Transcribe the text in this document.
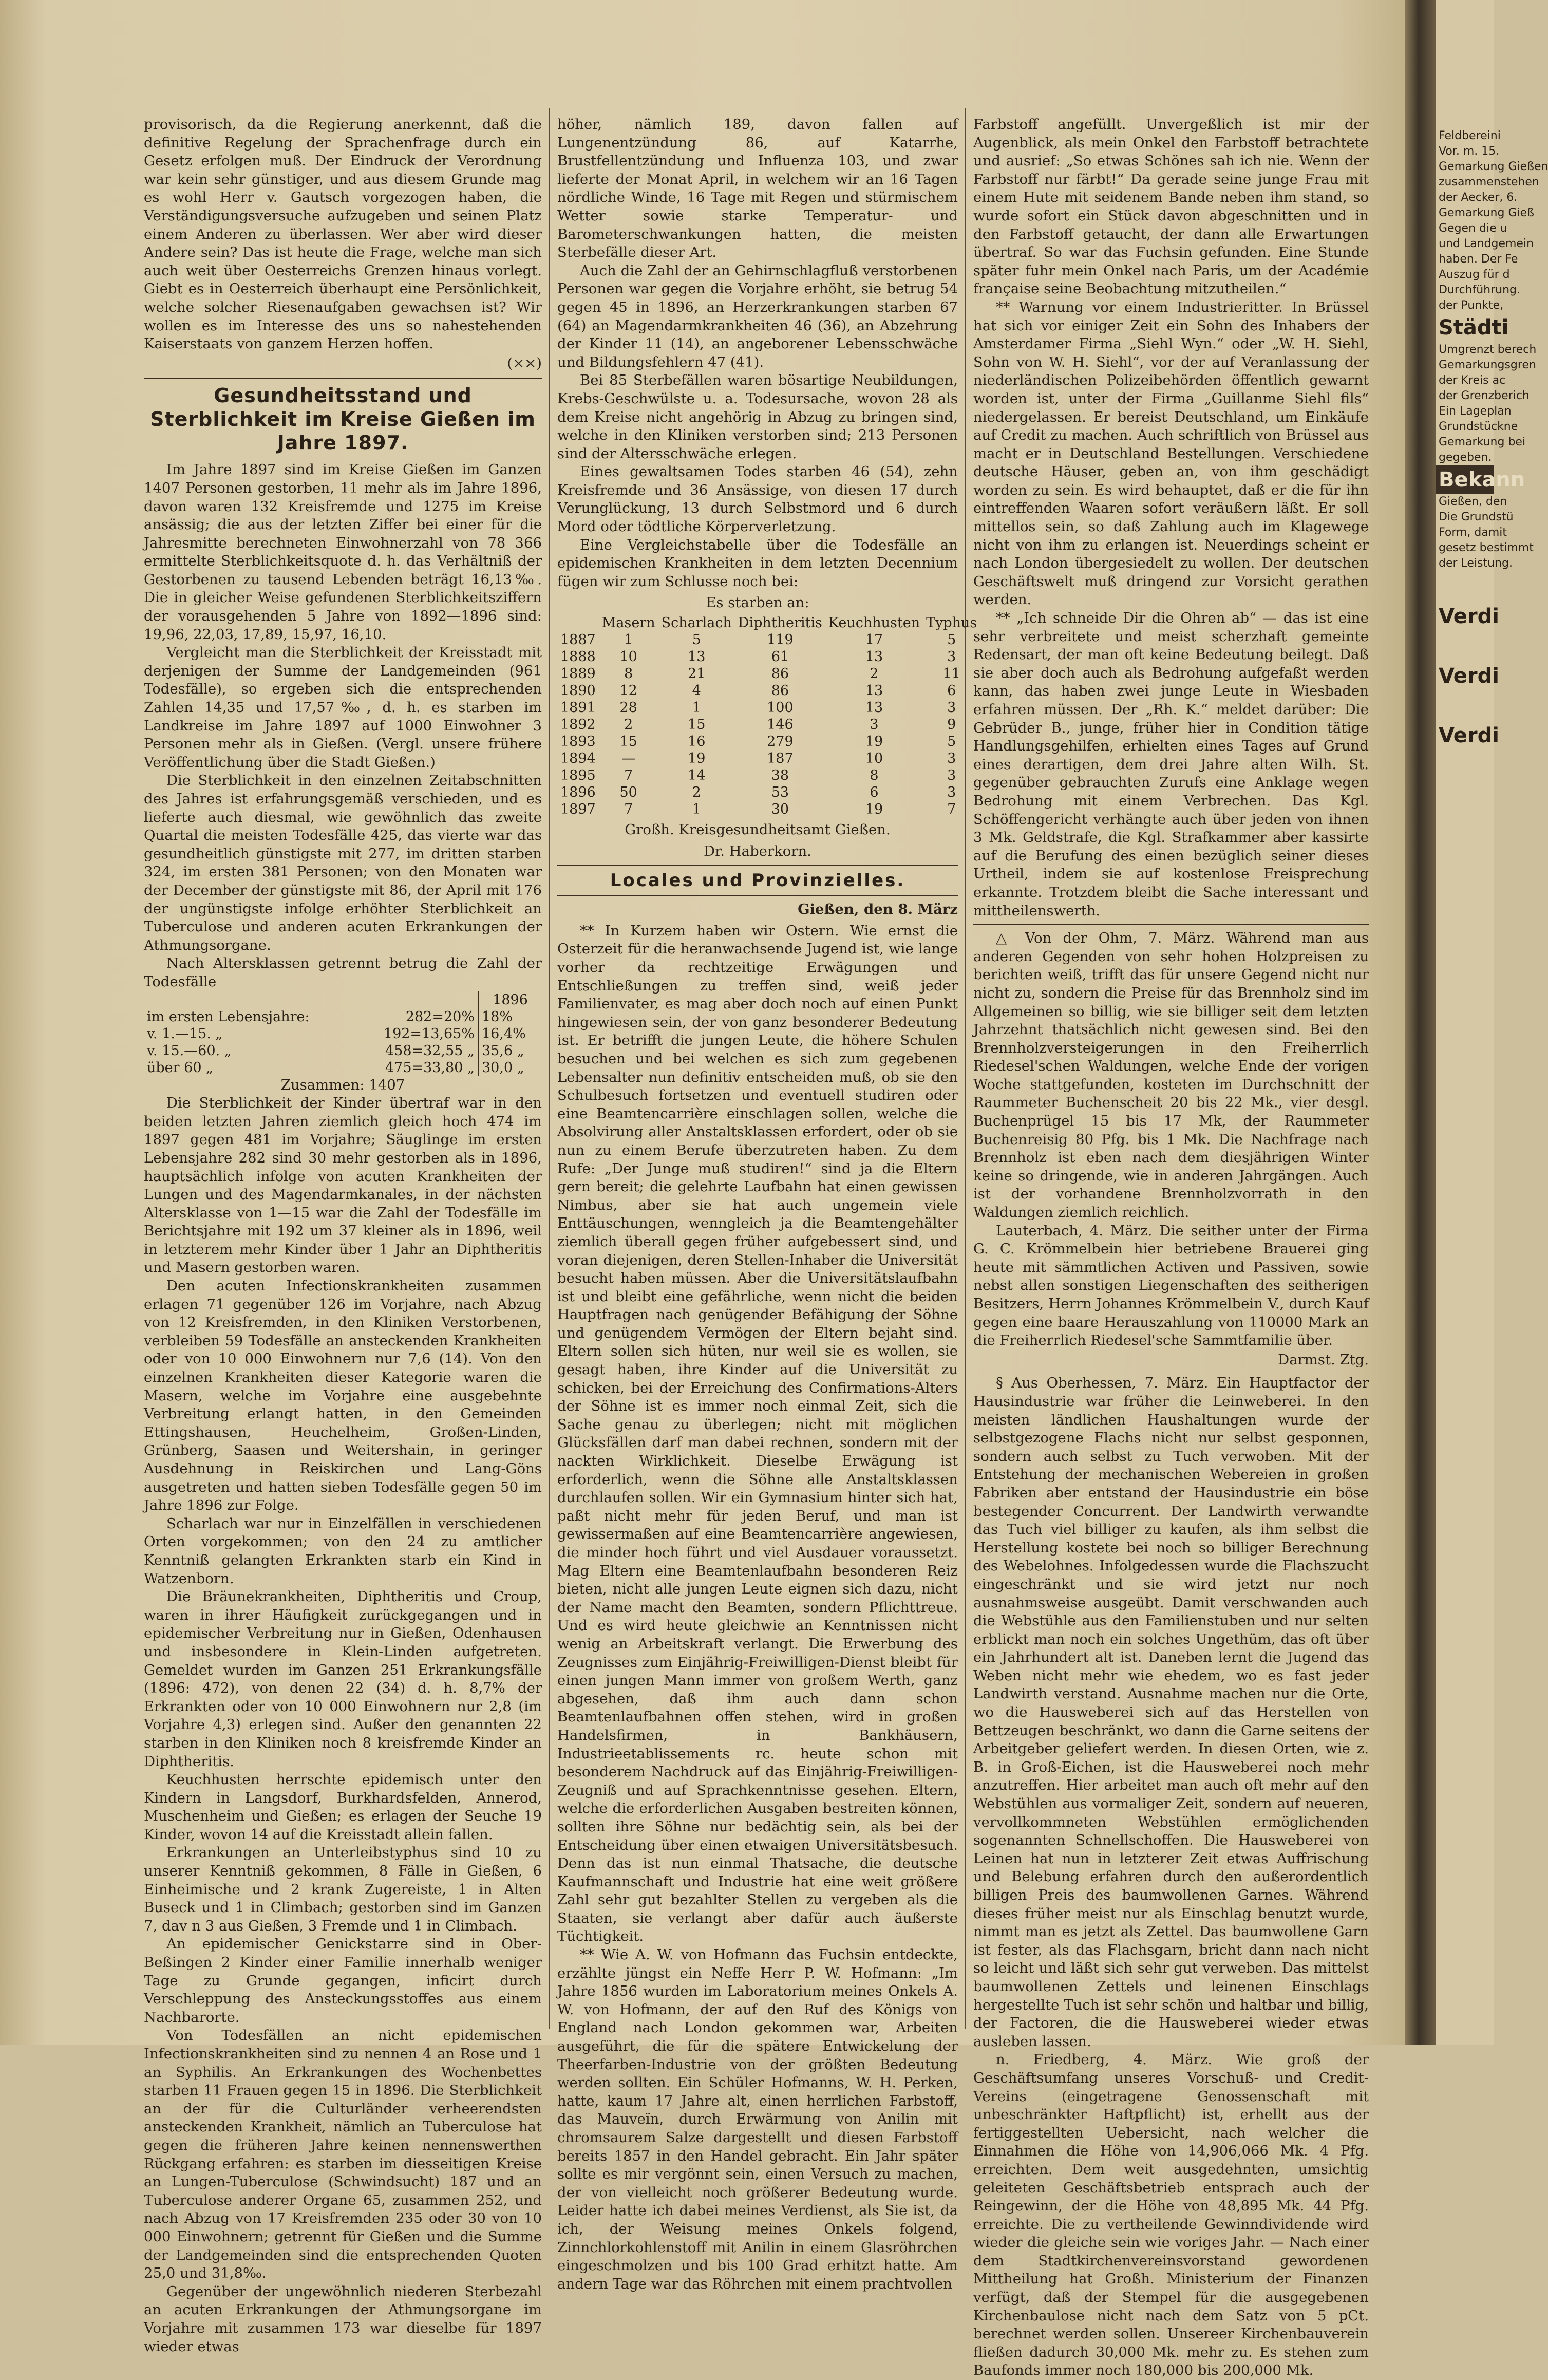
Feldbereini
Vor. m. 15.
Gemarkung Gießen
zusammenstehen
der Aecker, 6.
Gemarkung Gieß
Gegen die u
und Landgemein
haben. Der Fe
Auszug für d
Durchführung.
der Punkte,
Städti
Umgrenzt berech
Gemarkungsgren
der Kreis ac
der Grenzberich
Ein Lageplan
Grundstückne
Gemarkung bei
gegeben.
Bekann
Gießen, den
Die Grundstü
Form, damit
gesetz bestimmt
der Leistung.
Verdi
Verdi
Verdi

provisorisch, da die Regierung anerkennt, daß die definitive Regelung der Sprachenfrage durch ein Gesetz erfolgen muß. Der Eindruck der Verordnung war kein sehr günstiger, und aus diesem Grunde mag es wohl Herr v. Gautsch vorgezogen haben, die Verständigungsversuche aufzugeben und seinen Platz einem Anderen zu überlassen. Wer aber wird dieser Andere sein? Das ist heute die Frage, welche man sich auch weit über Oesterreichs Grenzen hinaus vorlegt. Giebt es in Oesterreich überhaupt eine Persönlichkeit, welche solcher Riesenaufgaben gewachsen ist? Wir wollen es im Interesse des uns so nahestehenden Kaiserstaats von ganzem Herzen hoffen.

(××)
Gesundheitsstand und Sterblichkeit im Kreise Gießen im Jahre 1897.

Im Jahre 1897 sind im Kreise Gießen im Ganzen 1407 Personen gestorben, 11 mehr als im Jahre 1896, davon waren 132 Kreisfremde und 1275 im Kreise ansässig; die aus der letzten Ziffer bei einer für die Jahresmitte berechneten Einwohnerzahl von 78 366 ermittelte Sterblichkeitsquote d. h. das Verhältniß der Gestorbenen zu tausend Lebenden beträgt 16,13‰. Die in gleicher Weise gefundenen Sterblichkeitsziffern der vorausgehenden 5 Jahre von 1892—1896 sind: 19,96, 22,03, 17,89, 15,97, 16,10.

Vergleicht man die Sterblichkeit der Kreisstadt mit derjenigen der Summe der Landgemeinden (961 Todesfälle), so ergeben sich die entsprechenden Zahlen 14,35 und 17,57‰, d. h. es starben im Landkreise im Jahre 1897 auf 1000 Einwohner 3 Personen mehr als in Gießen. (Vergl. unsere frühere Veröffentlichung über die Stadt Gießen.)

Die Sterblichkeit in den einzelnen Zeitabschnitten des Jahres ist erfahrungsgemäß verschieden, und es lieferte auch diesmal, wie gewöhnlich das zweite Quartal die meisten Todesfälle 425, das vierte war das gesundheitlich günstigste mit 277, im dritten starben 324, im ersten 381 Personen; von den Monaten war der December der günstigste mit 86, der April mit 176 der ungünstigste infolge erhöhter Sterblichkeit an Tuberculose und anderen acuten Erkrankungen der Athmungsorgane.

Nach Altersklassen getrennt betrug die Zahl der Todesfälle

		1896
im ersten Lebensjahre:	282=20%	18%
v. 1.—15. „	192=13,65%	16,4%
v. 15.—60. „	458=32,55 „	35,6 „
über 60 „	475=33,80 „	30,0 „
Zusammen: 1407

Die Sterblichkeit der Kinder übertraf war in den beiden letzten Jahren ziemlich gleich hoch 474 im 1897 gegen 481 im Vorjahre; Säuglinge im ersten Lebensjahre 282 sind 30 mehr gestorben als in 1896, hauptsächlich infolge von acuten Krankheiten der Lungen und des Magendarmkanales, in der nächsten Altersklasse von 1—15 war die Zahl der Todesfälle im Berichtsjahre mit 192 um 37 kleiner als in 1896, weil in letzterem mehr Kinder über 1 Jahr an Diphtheritis und Masern gestorben waren.

Den acuten Infectionskrankheiten zusammen erlagen 71 gegenüber 126 im Vorjahre, nach Abzug von 12 Kreisfremden, in den Kliniken Verstorbenen, verbleiben 59 Todesfälle an ansteckenden Krankheiten oder von 10 000 Einwohnern nur 7,6 (14). Von den einzelnen Krankheiten dieser Kategorie waren die Masern, welche im Vorjahre eine ausgebehnte Verbreitung erlangt hatten, in den Gemeinden Ettingshausen, Heuchelheim, Großen-Linden, Grünberg, Saasen und Weitershain, in geringer Ausdehnung in Reiskirchen und Lang-Göns ausgetreten und hatten sieben Todesfälle gegen 50 im Jahre 1896 zur Folge.

Scharlach war nur in Einzelfällen in verschiedenen Orten vorgekommen; von den 24 zu amtlicher Kenntniß gelangten Erkrankten starb ein Kind in Watzenborn.

Die Bräunekrankheiten, Diphtheritis und Croup, waren in ihrer Häufigkeit zurückgegangen und in epidemischer Verbreitung nur in Gießen, Odenhausen und insbesondere in Klein-Linden aufgetreten. Gemeldet wurden im Ganzen 251 Erkrankungsfälle (1896: 472), von denen 22 (34) d. h. 8,7% der Erkrankten oder von 10 000 Einwohnern nur 2,8 (im Vorjahre 4,3) erlegen sind. Außer den genannten 22 starben in den Kliniken noch 8 kreisfremde Kinder an Diphtheritis.

Keuchhusten herrschte epidemisch unter den Kindern in Langsdorf, Burkhardsfelden, Annerod, Muschenheim und Gießen; es erlagen der Seuche 19 Kinder, wovon 14 auf die Kreisstadt allein fallen.

Erkrankungen an Unterleibstyphus sind 10 zu unserer Kenntniß gekommen, 8 Fälle in Gießen, 6 Einheimische und 2 krank Zugereiste, 1 in Alten Buseck und 1 in Climbach; gestorben sind im Ganzen 7, dav n 3 aus Gießen, 3 Fremde und 1 in Climbach.

An epidemischer Genickstarre sind in Ober-Beßingen 2 Kinder einer Familie innerhalb weniger Tage zu Grunde gegangen, inficirt durch Verschleppung des Ansteckungsstoffes aus einem Nachbarorte.

Von Todesfällen an nicht epidemischen Infectionskrankheiten sind zu nennen 4 an Rose und 1 an Syphilis. An Erkrankungen des Wochenbettes starben 11 Frauen gegen 15 in 1896. Die Sterblichkeit an der für die Culturländer verheerendsten ansteckenden Krankheit, nämlich an Tuberculose hat gegen die früheren Jahre keinen nennenswerthen Rückgang erfahren: es starben im diesseitigen Kreise an Lungen-Tuberculose (Schwindsucht) 187 und an Tuberculose anderer Organe 65, zusammen 252, und nach Abzug von 17 Kreisfremden 235 oder 30 von 10 000 Einwohnern; getrennt für Gießen und die Summe der Landgemeinden sind die entsprechenden Quoten 25,0 und 31,8‰.

Gegenüber der ungewöhnlich niederen Sterbezahl an acuten Erkrankungen der Athmungsorgane im Vorjahre mit zusammen 173 war dieselbe für 1897 wieder etwas

höher, nämlich 189, davon fallen auf Lungenentzündung 86, auf Katarrhe, Brustfellentzündung und Influenza 103, und zwar lieferte der Monat April, in welchem wir an 16 Tagen nördliche Winde, 16 Tage mit Regen und stürmischem Wetter sowie starke Temperatur- und Barometerschwankungen hatten, die meisten Sterbefälle dieser Art.

Auch die Zahl der an Gehirnschlagfluß verstorbenen Personen war gegen die Vorjahre erhöht, sie betrug 54 gegen 45 in 1896, an Herzerkrankungen starben 67 (64) an Magendarmkrankheiten 46 (36), an Abzehrung der Kinder 11 (14), an angeborener Lebensschwäche und Bildungsfehlern 47 (41).

Bei 85 Sterbefällen waren bösartige Neubildungen, Krebs-Geschwülste u. a. Todesursache, wovon 28 als dem Kreise nicht angehörig in Abzug zu bringen sind, welche in den Kliniken verstorben sind; 213 Personen sind der Altersschwäche erlegen.

Eines gewaltsamen Todes starben 46 (54), zehn Kreisfremde und 36 Ansässige, von diesen 17 durch Verunglückung, 13 durch Selbstmord und 6 durch Mord oder tödtliche Körperverletzung.

Eine Vergleichstabelle über die Todesfälle an epidemischen Krankheiten in dem letzten Decennium fügen wir zum Schlusse noch bei:

Es starben an:
	Masern	Scharlach	Diphtheritis	Keuchhusten	Typhus
1887	1	5	119	17	5
1888	10	13	61	13	3
1889	8	21	86	2	11
1890	12	4	86	13	6
1891	28	1	100	13	3
1892	2	15	146	3	9
1893	15	16	279	19	5
1894	—	19	187	10	3
1895	7	14	38	8	3
1896	50	2	53	6	3
1897	7	1	30	19	7
Großh. Kreisgesundheitsamt Gießen.
Dr. Haberkorn.
Locales und Provinzielles.
Gießen, den 8. März

** In Kurzem haben wir Ostern. Wie ernst die Osterzeit für die heranwachsende Jugend ist, wie lange vorher da rechtzeitige Erwägungen und Entschließungen zu treffen sind, weiß jeder Familienvater, es mag aber doch noch auf einen Punkt hingewiesen sein, der von ganz besonderer Bedeutung ist. Er betrifft die jungen Leute, die höhere Schulen besuchen und bei welchen es sich zum gegebenen Lebensalter nun definitiv entscheiden muß, ob sie den Schulbesuch fortsetzen und eventuell studiren oder eine Beamtencarrière einschlagen sollen, welche die Absolvirung aller Anstaltsklassen erfordert, oder ob sie nun zu einem Berufe überzutreten haben. Zu dem Rufe: „Der Junge muß studiren!“ sind ja die Eltern gern bereit; die gelehrte Laufbahn hat einen gewissen Nimbus, aber sie hat auch ungemein viele Enttäuschungen, wenngleich ja die Beamtengehälter ziemlich überall gegen früher aufgebessert sind, und voran diejenigen, deren Stellen-Inhaber die Universität besucht haben müssen. Aber die Universitätslaufbahn ist und bleibt eine gefährliche, wenn nicht die beiden Hauptfragen nach genügender Befähigung der Söhne und genügendem Vermögen der Eltern bejaht sind. Eltern sollen sich hüten, nur weil sie es wollen, sie gesagt haben, ihre Kinder auf die Universität zu schicken, bei der Erreichung des Confirmations-Alters der Söhne ist es immer noch einmal Zeit, sich die Sache genau zu überlegen; nicht mit möglichen Glücksfällen darf man dabei rechnen, sondern mit der nackten Wirklichkeit. Dieselbe Erwägung ist erforderlich, wenn die Söhne alle Anstaltsklassen durchlaufen sollen. Wir ein Gymnasium hinter sich hat, paßt nicht mehr für jeden Beruf, und man ist gewissermaßen auf eine Beamtencarrière angewiesen, die minder hoch führt und viel Ausdauer voraussetzt. Mag Eltern eine Beamtenlaufbahn besonderen Reiz bieten, nicht alle jungen Leute eignen sich dazu, nicht der Name macht den Beamten, sondern Pflichttreue. Und es wird heute gleichwie an Kenntnissen nicht wenig an Arbeitskraft verlangt. Die Erwerbung des Zeugnisses zum Einjährig-Freiwilligen-Dienst bleibt für einen jungen Mann immer von großem Werth, ganz abgesehen, daß ihm auch dann schon Beamtenlaufbahnen offen stehen, wird in großen Handelsfirmen, in Bankhäusern, Industrieetablissements rc. heute schon mit besonderem Nachdruck auf das Einjährig-Freiwilligen-Zeugniß und auf Sprachkenntnisse gesehen. Eltern, welche die erforderlichen Ausgaben bestreiten können, sollten ihre Söhne nur bedächtig sein, als bei der Entscheidung über einen etwaigen Universitätsbesuch. Denn das ist nun einmal Thatsache, die deutsche Kaufmannschaft und Industrie hat eine weit größere Zahl sehr gut bezahlter Stellen zu vergeben als die Staaten, sie verlangt aber dafür auch äußerste Tüchtigkeit.

** Wie A. W. von Hofmann das Fuchsin entdeckte, erzählte jüngst ein Neffe Herr P. W. Hofmann: „Im Jahre 1856 wurden im Laboratorium meines Onkels A. W. von Hofmann, der auf den Ruf des Königs von England nach London gekommen war, Arbeiten ausgeführt, die für die spätere Entwickelung der Theerfarben-Industrie von der größten Bedeutung werden sollten. Ein Schüler Hofmanns, W. H. Perken, hatte, kaum 17 Jahre alt, einen herrlichen Farbstoff, das Mauveïn, durch Erwärmung von Anilin mit chromsaurem Salze dargestellt und diesen Farbstoff bereits 1857 in den Handel gebracht. Ein Jahr später sollte es mir vergönnt sein, einen Versuch zu machen, der von vielleicht noch größerer Bedeutung wurde. Leider hatte ich dabei meines Verdienst, als Sie ist, da ich, der Weisung meines Onkels folgend, Zinnchlorkohlenstoff mit Anilin in einem Glasröhrchen eingeschmolzen und bis 100 Grad erhitzt hatte. Am andern Tage war das Röhrchen mit einem prachtvollen

Farbstoff angefüllt. Unvergeßlich ist mir der Augenblick, als mein Onkel den Farbstoff betrachtete und ausrief: „So etwas Schönes sah ich nie. Wenn der Farbstoff nur färbt!“ Da gerade seine junge Frau mit einem Hute mit seidenem Bande neben ihm stand, so wurde sofort ein Stück davon abgeschnitten und in den Farbstoff getaucht, der dann alle Erwartungen übertraf. So war das Fuchsin gefunden. Eine Stunde später fuhr mein Onkel nach Paris, um der Académie française seine Beobachtung mitzutheilen.“

** Warnung vor einem Industrieritter. In Brüssel hat sich vor einiger Zeit ein Sohn des Inhabers der Amsterdamer Firma „Siehl Wyn.“ oder „W. H. Siehl, Sohn von W. H. Siehl“, vor der auf Veranlassung der niederländischen Polizeibehörden öffentlich gewarnt worden ist, unter der Firma „Guillanme Siehl fils“ niedergelassen. Er bereist Deutschland, um Einkäufe auf Credit zu machen. Auch schriftlich von Brüssel aus macht er in Deutschland Bestellungen. Verschiedene deutsche Häuser, geben an, von ihm geschädigt worden zu sein. Es wird behauptet, daß er die für ihn eintreffenden Waaren sofort veräußern läßt. Er soll mittellos sein, so daß Zahlung auch im Klagewege nicht von ihm zu erlangen ist. Neuerdings scheint er nach London übergesiedelt zu wollen. Der deutschen Geschäftswelt muß dringend zur Vorsicht gerathen werden.

** „Ich schneide Dir die Ohren ab“ — das ist eine sehr verbreitete und meist scherzhaft gemeinte Redensart, der man oft keine Bedeutung beilegt. Daß sie aber doch auch als Bedrohung aufgefaßt werden kann, das haben zwei junge Leute in Wiesbaden erfahren müssen. Der „Rh. K.“ meldet darüber: Die Gebrüder B., junge, früher hier in Condition tätige Handlungsgehilfen, erhielten eines Tages auf Grund eines derartigen, dem drei Jahre alten Wilh. St. gegenüber gebrauchten Zurufs eine Anklage wegen Bedrohung mit einem Verbrechen. Das Kgl. Schöffengericht verhängte auch über jeden von ihnen 3 Mk. Geldstrafe, die Kgl. Strafkammer aber kassirte auf die Berufung des einen bezüglich seiner dieses Urtheil, indem sie auf kostenlose Freisprechung erkannte. Trotzdem bleibt die Sache interessant und mittheilenswerth.

△ Von der Ohm, 7. März. Während man aus anderen Gegenden von sehr hohen Holzpreisen zu berichten weiß, trifft das für unsere Gegend nicht nur nicht zu, sondern die Preise für das Brennholz sind im Allgemeinen so billig, wie sie billiger seit dem letzten Jahrzehnt thatsächlich nicht gewesen sind. Bei den Brennholzversteigerungen in den Freiherrlich Riedesel'schen Waldungen, welche Ende der vorigen Woche stattgefunden, kosteten im Durchschnitt der Raummeter Buchenscheit 20 bis 22 Mk., vier desgl. Buchenprügel 15 bis 17 Mk, der Raummeter Buchenreisig 80 Pfg. bis 1 Mk. Die Nachfrage nach Brennholz ist eben nach dem diesjährigen Winter keine so dringende, wie in anderen Jahrgängen. Auch ist der vorhandene Brennholzvorrath in den Waldungen ziemlich reichlich.

Lauterbach, 4. März. Die seither unter der Firma G. C. Krömmelbein hier betriebene Brauerei ging heute mit sämmtlichen Activen und Passiven, sowie nebst allen sonstigen Liegenschaften des seitherigen Besitzers, Herrn Johannes Krömmelbein V., durch Kauf gegen eine baare Herauszahlung von 110000 Mark an die Freiherrlich Riedesel'sche Sammtfamilie über.

Darmst. Ztg.

§ Aus Oberhessen, 7. März. Ein Hauptfactor der Hausindustrie war früher die Leinweberei. In den meisten ländlichen Haushaltungen wurde der selbstgezogene Flachs nicht nur selbst gesponnen, sondern auch selbst zu Tuch verwoben. Mit der Entstehung der mechanischen Webereien in großen Fabriken aber entstand der Hausindustrie ein böse bestegender Concurrent. Der Landwirth verwandte das Tuch viel billiger zu kaufen, als ihm selbst die Herstellung kostete bei noch so billiger Berechnung des Webelohnes. Infolgedessen wurde die Flachszucht eingeschränkt und sie wird jetzt nur noch ausnahmsweise ausgeübt. Damit verschwanden auch die Webstühle aus den Familienstuben und nur selten erblickt man noch ein solches Ungethüm, das oft über ein Jahrhundert alt ist. Daneben lernt die Jugend das Weben nicht mehr wie ehedem, wo es fast jeder Landwirth verstand. Ausnahme machen nur die Orte, wo die Hausweberei sich auf das Herstellen von Bettzeugen beschränkt, wo dann die Garne seitens der Arbeitgeber geliefert werden. In diesen Orten, wie z. B. in Groß-Eichen, ist die Hausweberei noch mehr anzutreffen. Hier arbeitet man auch oft mehr auf den Webstühlen aus vormaliger Zeit, sondern auf neueren, vervollkommneten Webstühlen ermöglichenden sogenannten Schnellschoffen. Die Hausweberei von Leinen hat nun in letzterer Zeit etwas Auffrischung und Belebung erfahren durch den außerordentlich billigen Preis des baumwollenen Garnes. Während dieses früher meist nur als Einschlag benutzt wurde, nimmt man es jetzt als Zettel. Das baumwollene Garn ist fester, als das Flachsgarn, bricht dann nach nicht so leicht und läßt sich sehr gut verweben. Das mittelst baumwollenen Zettels und leinenen Einschlags hergestellte Tuch ist sehr schön und haltbar und billig, der Factoren, die die Hausweberei wieder etwas ausleben lassen.

n. Friedberg, 4. März. Wie groß der Geschäftsumfang unseres Vorschuß- und Credit-Vereins (eingetragene Genossenschaft mit unbeschränkter Haftpflicht) ist, erhellt aus der fertiggestellten Uebersicht, nach welcher die Einnahmen die Höhe von 14,906,066 Mk. 4 Pfg. erreichten. Dem weit ausgedehnten, umsichtig geleiteten Geschäftsbetrieb entsprach auch der Reingewinn, der die Höhe von 48,895 Mk. 44 Pfg. erreichte. Die zu vertheilende Gewinndividende wird wieder die gleiche sein wie voriges Jahr. — Nach einer dem Stadtkirchenvereinsvorstand gewordenen Mittheilung hat Großh. Ministerium der Finanzen verfügt, daß der Stempel für die ausgegebenen Kirchenbaulose nicht nach dem Satz von 5 pCt. berechnet werden sollen. Unsereer Kirchenbauverein fließen dadurch 30,000 Mk. mehr zu. Es stehen zum Baufonds immer noch 180,000 bis 200,000 Mk.
